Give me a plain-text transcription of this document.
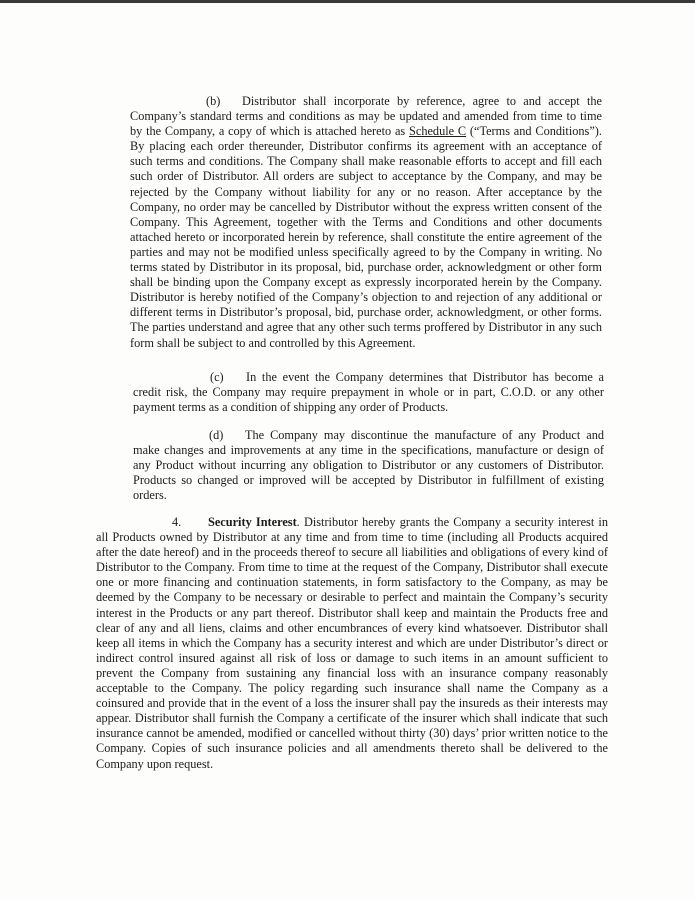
(b) Distributor shall incorporate by reference, agree to and accept the Company’s standard terms and conditions as may be updated and amended from time to time by the Company, a copy of which is attached hereto as Schedule C (“Terms and Conditions”). By placing each order thereunder, Distributor confirms its agreement with an acceptance of such terms and conditions. The Company shall make reasonable efforts to accept and fill each such order of Distributor. All orders are subject to acceptance by the Company, and may be rejected by the Company without liability for any or no reason. After acceptance by the Company, no order may be cancelled by Distributor without the express written consent of the Company. This Agreement, together with the Terms and Conditions and other documents attached hereto or incorporated herein by reference, shall constitute the entire agreement of the parties and may not be modified unless specifically agreed to by the Company in writing. No terms stated by Distributor in its proposal, bid, purchase order, acknowledgment or other form shall be binding upon the Company except as expressly incorporated herein by the Company. Distributor is hereby notified of the Company’s objection to and rejection of any additional or different terms in Distributor’s proposal, bid, purchase order, acknowledgment, or other forms. The parties understand and agree that any other such terms proffered by Distributor in any such form shall be subject to and controlled by this Agreement.

(c) In the event the Company determines that Distributor has become a credit risk, the Company may require prepayment in whole or in part, C.O.D. or any other payment terms as a condition of shipping any order of Products.

(d) The Company may discontinue the manufacture of any Product and make changes and improvements at any time in the specifications, manufacture or design of any Product without incurring any obligation to Distributor or any customers of Distributor. Products so changed or improved will be accepted by Distributor in fulfillment of existing orders.

4. Security Interest. Distributor hereby grants the Company a security interest in all Products owned by Distributor at any time and from time to time (including all Products acquired after the date hereof) and in the proceeds thereof to secure all liabilities and obligations of every kind of Distributor to the Company. From time to time at the request of the Company, Distributor shall execute one or more financing and continuation statements, in form satisfactory to the Company, as may be deemed by the Company to be necessary or desirable to perfect and maintain the Company’s security interest in the Products or any part thereof. Distributor shall keep and maintain the Products free and clear of any and all liens, claims and other encumbrances of every kind whatsoever. Distributor shall keep all items in which the Company has a security interest and which are under Distributor’s direct or indirect control insured against all risk of loss or damage to such items in an amount sufficient to prevent the Company from sustaining any financial loss with an insurance company reasonably acceptable to the Company. The policy regarding such insurance shall name the Company as a coinsured and provide that in the event of a loss the insurer shall pay the insureds as their interests may appear. Distributor shall furnish the Company a certificate of the insurer which shall indicate that such insurance cannot be amended, modified or cancelled without thirty (30) days’ prior written notice to the Company. Copies of such insurance policies and all amendments thereto shall be delivered to the Company upon request.
